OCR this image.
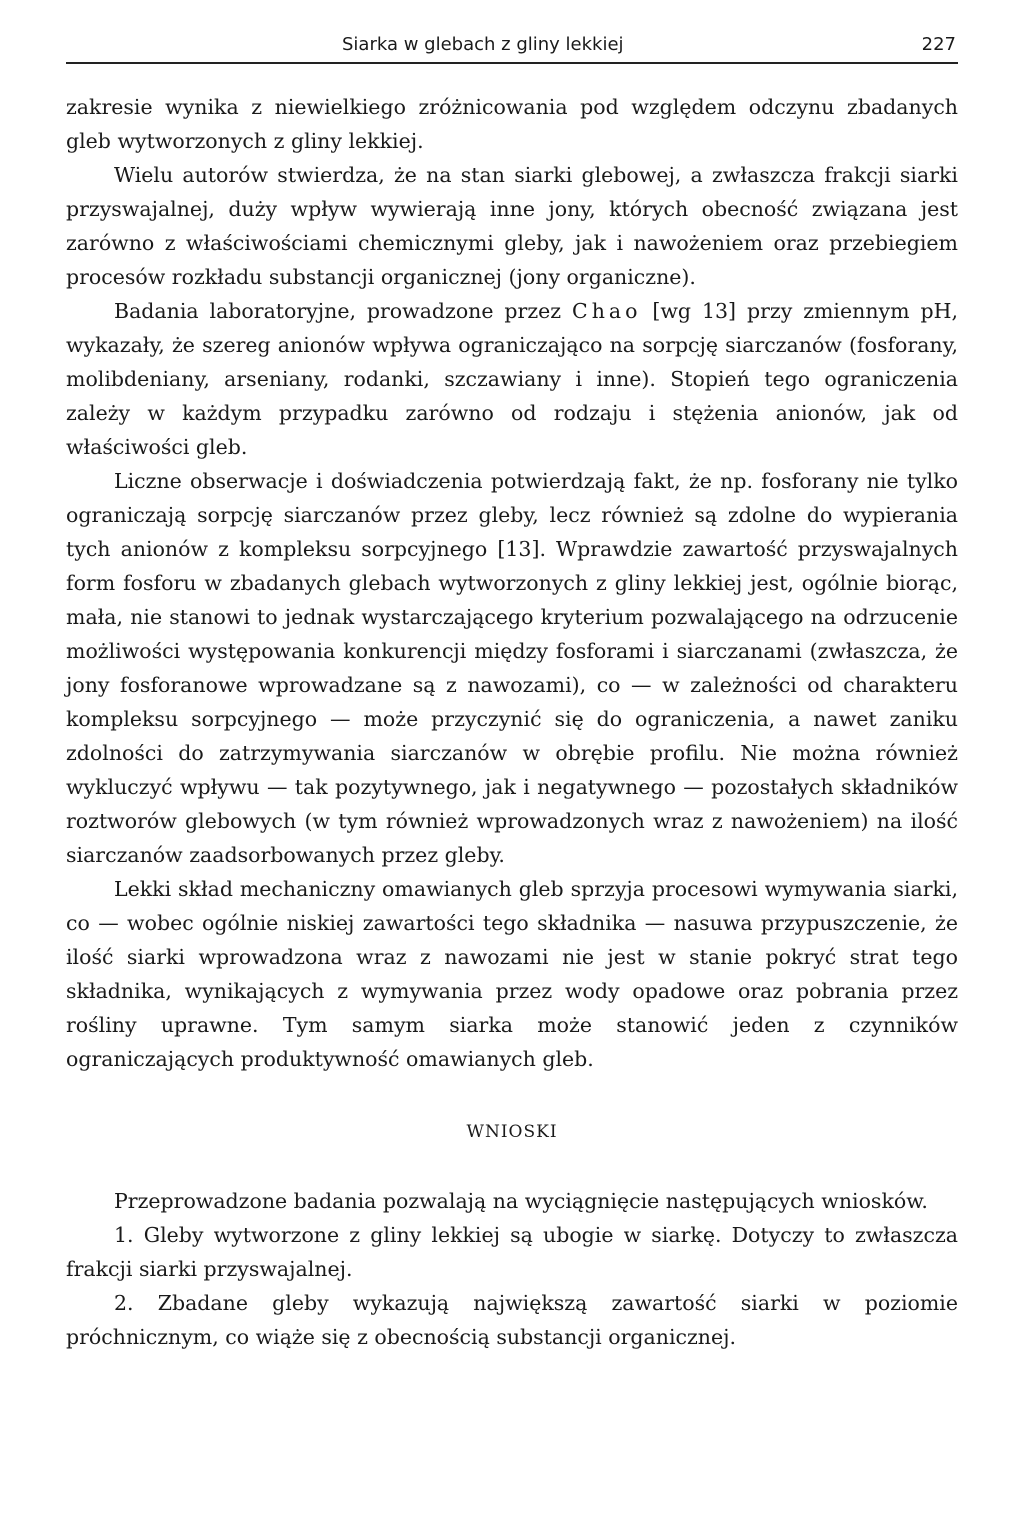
Siarka w glebach z gliny lekkiej	227

zakresie wynika z niewielkiego zróżnicowania pod względem odczynu zbadanych gleb wytworzonych z gliny lekkiej.

Wielu autorów stwierdza, że na stan siarki glebowej, a zwłaszcza frakcji siarki przyswajalnej, duży wpływ wywierają inne jony, których obecność związana jest zarówno z właściwościami chemicznymi gleby, jak i nawożeniem oraz przebiegiem procesów rozkładu substancji organicznej (jony organiczne).

Badania laboratoryjne, prowadzone przez Chao [wg 13] przy zmiennym pH, wykazały, że szereg anionów wpływa ograniczająco na sorpcję siarczanów (fosforany, molibdeniany, arseniany, rodanki, szczawiany i inne). Stopień tego ograniczenia zależy w każdym przypadku zarówno od rodzaju i stężenia anionów, jak od właściwości gleb.

Liczne obserwacje i doświadczenia potwierdzają fakt, że np. fosforany nie tylko ograniczają sorpcję siarczanów przez gleby, lecz również są zdolne do wypierania tych anionów z kompleksu sorpcyjnego [13]. Wprawdzie zawartość przyswajalnych form fosforu w zbadanych glebach wytworzonych z gliny lekkiej jest, ogólnie biorąc, mała, nie stanowi to jednak wystarczającego kryterium pozwalającego na odrzucenie możliwości występowania konkurencji między fosforami i siarczanami (zwłaszcza, że jony fosforanowe wprowadzane są z nawozami), co — w zależności od charakteru kompleksu sorpcyjnego — może przyczynić się do ograniczenia, a nawet zaniku zdolności do zatrzymywania siarczanów w obrębie profilu. Nie można również wykluczyć wpływu — tak pozytywnego, jak i negatywnego — pozostałych składników roztworów glebowych (w tym również wprowadzonych wraz z nawożeniem) na ilość siarczanów zaadsorbowanych przez gleby.

Lekki skład mechaniczny omawianych gleb sprzyja procesowi wymywania siarki, co — wobec ogólnie niskiej zawartości tego składnika — nasuwa przypuszczenie, że ilość siarki wprowadzona wraz z nawozami nie jest w stanie pokryć strat tego składnika, wynikających z wymywania przez wody opadowe oraz pobrania przez rośliny uprawne. Tym samym siarka może stanowić jeden z czynników ograniczających produktywność omawianych gleb.

WNIOSKI

Przeprowadzone badania pozwalają na wyciągnięcie następujących wniosków.

1. Gleby wytworzone z gliny lekkiej są ubogie w siarkę. Dotyczy to zwłaszcza frakcji siarki przyswajalnej.

2. Zbadane gleby wykazują największą zawartość siarki w poziomie próchnicznym, co wiąże się z obecnością substancji organicznej.
